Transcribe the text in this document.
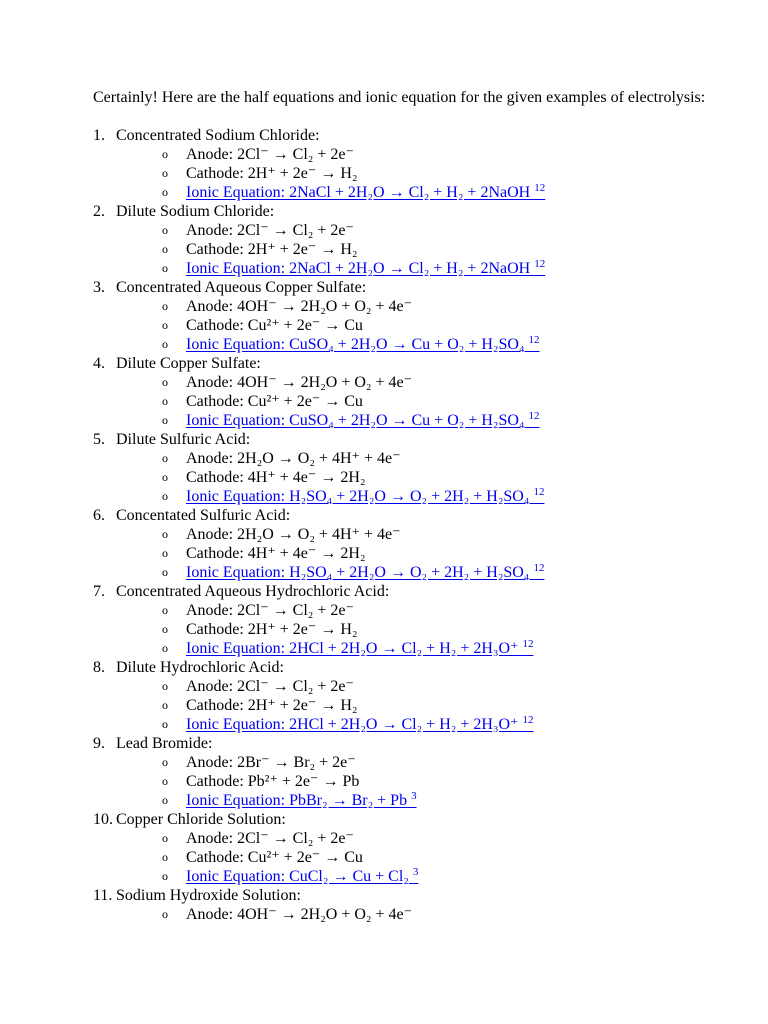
Certainly! Here are the half equations and ionic equation for the given examples of electrolysis:

1. Concentrated Sodium Chloride:
o Anode: 2Cl⁻ → Cl₂ + 2e⁻
o Cathode: 2H⁺ + 2e⁻ → H₂
o Ionic Equation: 2NaCl + 2H₂O → Cl₂ + H₂ + 2NaOH $^{12}$
2. Dilute Sodium Chloride:
o Anode: 2Cl⁻ → Cl₂ + 2e⁻
o Cathode: 2H⁺ + 2e⁻ → H₂
o Ionic Equation: 2NaCl + 2H₂O → Cl₂ + H₂ + 2NaOH $^{12}$
3. Concentrated Aqueous Copper Sulfate:
o Anode: 4OH⁻ → 2H₂O + O₂ + 4e⁻
o Cathode: Cu²⁺ + 2e⁻ → Cu
o Ionic Equation: CuSO₄ + 2H₂O → Cu + O₂ + H₂SO₄ $^{12}$
4. Dilute Copper Sulfate:
o Anode: 4OH⁻ → 2H₂O + O₂ + 4e⁻
o Cathode: Cu²⁺ + 2e⁻ → Cu
o Ionic Equation: CuSO₄ + 2H₂O → Cu + O₂ + H₂SO₄ $^{12}$
5. Dilute Sulfuric Acid:
o Anode: 2H₂O → O₂ + 4H⁺ + 4e⁻
o Cathode: 4H⁺ + 4e⁻ → 2H₂
o Ionic Equation: H₂SO₄ + 2H₂O → O₂ + 2H₂ + H₂SO₄ $^{12}$
6. Concentated Sulfuric Acid:
o Anode: 2H₂O → O₂ + 4H⁺ + 4e⁻
o Cathode: 4H⁺ + 4e⁻ → 2H₂
o Ionic Equation: H₂SO₄ + 2H₂O → O₂ + 2H₂ + H₂SO₄ $^{12}$
7. Concentrated Aqueous Hydrochloric Acid:
o Anode: 2Cl⁻ → Cl₂ + 2e⁻
o Cathode: 2H⁺ + 2e⁻ → H₂
o Ionic Equation: 2HCl + 2H₂O → Cl₂ + H₂ + 2H₃O⁺ $^{12}$
8. Dilute Hydrochloric Acid:
o Anode: 2Cl⁻ → Cl₂ + 2e⁻
o Cathode: 2H⁺ + 2e⁻ → H₂
o Ionic Equation: 2HCl + 2H₂O → Cl₂ + H₂ + 2H₃O⁺ $^{12}$
9. Lead Bromide:
o Anode: 2Br⁻ → Br₂ + 2e⁻
o Cathode: Pb²⁺ + 2e⁻ → Pb
o Ionic Equation: PbBr₂ → Br₂ + Pb $^3$
10. Copper Chloride Solution:
o Anode: 2Cl⁻ → Cl₂ + 2e⁻
o Cathode: Cu²⁺ + 2e⁻ → Cu
o Ionic Equation: CuCl₂ → Cu + Cl₂ $^3$
11. Sodium Hydroxide Solution:
o Anode: 4OH⁻ → 2H₂O + O₂ + 4e⁻
